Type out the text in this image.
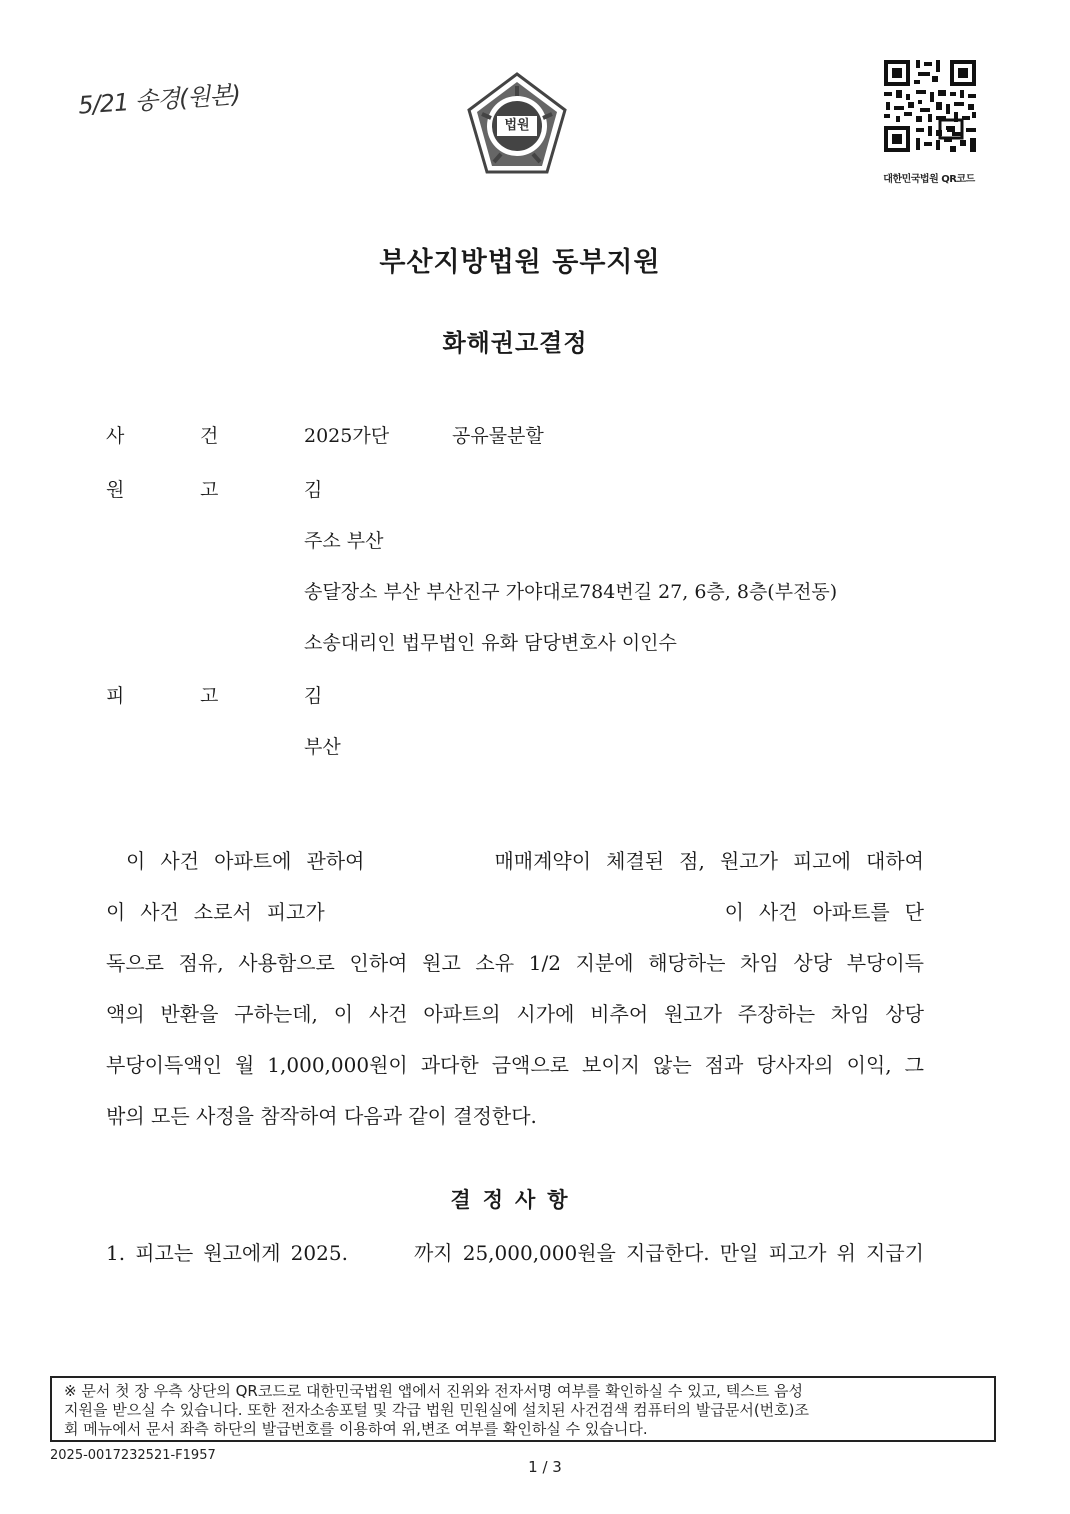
5/21 송경(원본)
법원
대한민국법원 QR코드
부산지방법원 동부지원
화해권고결정
사	건	2025가단	공유물분할
원	고	김
주소 부산
송달장소 부산 부산진구 가야대로784번길 27, 6층, 8층(부전동)
소송대리인 법무법인 유화 담당변호사 이인수
피	고	김
부산
이 사건 아파트에 관하여	매매계약이 체결된 점, 원고가 피고에 대하여
이 사건 소로서 피고가	이 사건 아파트를 단
독으로 점유, 사용함으로 인하여 원고 소유 1/2 지분에 해당하는 차임 상당 부당이득
액의 반환을 구하는데, 이 사건 아파트의 시가에 비추어 원고가 주장하는 차임 상당
부당이득액인 월 1,000,000원이 과다한 금액으로 보이지 않는 점과 당사자의 이익, 그
밖의 모든 사정을 참작하여 다음과 같이 결정한다.
결정사항
1. 피고는 원고에게 2025.	까지 25,000,000원을 지급한다. 만일 피고가 위 지급기
※ 문서 첫 장 우측 상단의 QR코드로 대한민국법원 앱에서 진위와 전자서명 여부를 확인하실 수 있고, 텍스트 음성
지원을 받으실 수 있습니다. 또한 전자소송포털 및 각급 법원 민원실에 설치된 사건검색 컴퓨터의 발급문서(번호)조
회 메뉴에서 문서 좌측 하단의 발급번호를 이용하여 위,변조 여부를 확인하실 수 있습니다.
2025-0017232521-F1957
1 / 3
